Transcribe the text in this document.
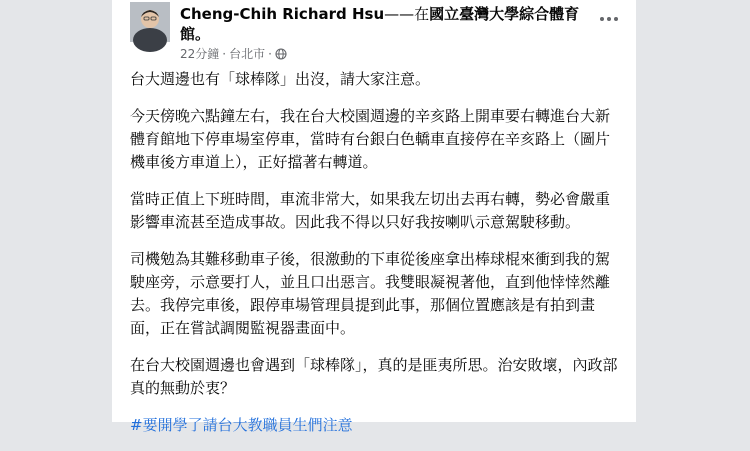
Cheng-Chih Richard Hsu——在國立臺灣大學綜合體育
館。
22分鐘 · 台北市 ·

台大週邊也有「球棒隊」出沒，請大家注意。

今天傍晚六點鐘左右，我在台大校園週邊的辛亥路上開車要右轉進台大新體育館地下停車場室停車，當時有台銀白色轎車直接停在辛亥路上（圖片機車後方車道上），正好擋著右轉道。

當時正值上下班時間，車流非常大，如果我左切出去再右轉，勢必會嚴重影響車流甚至造成事故。因此我不得以只好我按喇叭示意駕駛移動。

司機勉為其難移動車子後，很激動的下車從後座拿出棒球棍來衝到我的駕駛座旁，示意要打人，並且口出惡言。我雙眼凝視著他，直到他悻悻然離去。我停完車後，跟停車場管理員提到此事，那個位置應該是有拍到畫面，正在嘗試調閱監視器畫面中。

在台大校園週邊也會遇到「球棒隊」，真的是匪夷所思。治安敗壞，內政部真的無動於衷？

#要開學了請台大教職員生們注意
